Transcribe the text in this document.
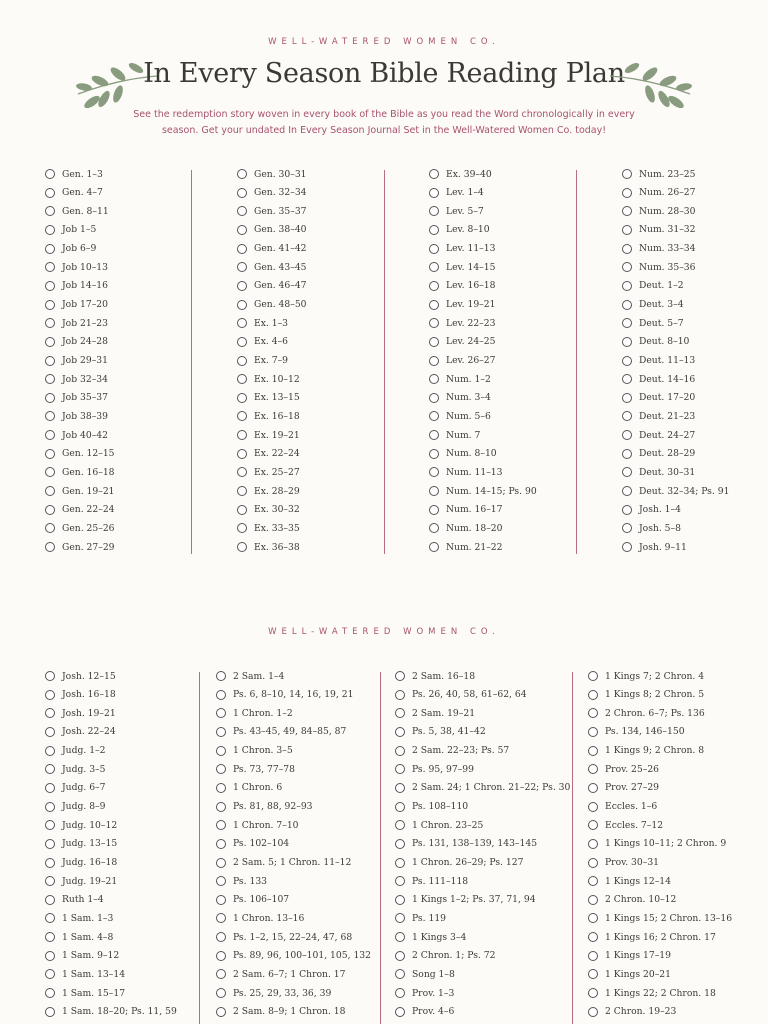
WELL-WATERED WOMEN CO.
In Every Season Bible Reading Plan
See the redemption story woven in every book of the Bible as you read the Word chronologically in every season. Get your undated In Every Season Journal Set in the Well-Watered Women Co. today!
Gen. 1–3
Gen. 4–7
Gen. 8–11
Job 1–5
Job 6–9
Job 10–13
Job 14–16
Job 17–20
Job 21–23
Job 24–28
Job 29–31
Job 32–34
Job 35–37
Job 38–39
Job 40–42
Gen. 12–15
Gen. 16–18
Gen. 19–21
Gen. 22–24
Gen. 25–26
Gen. 27–29
Gen. 30–31
Gen. 32–34
Gen. 35–37
Gen. 38–40
Gen. 41–42
Gen. 43–45
Gen. 46–47
Gen. 48–50
Ex. 1–3
Ex. 4–6
Ex. 7–9
Ex. 10–12
Ex. 13–15
Ex. 16–18
Ex. 19–21
Ex. 22–24
Ex. 25–27
Ex. 28–29
Ex. 30–32
Ex. 33–35
Ex. 36–38
Ex. 39–40
Lev. 1–4
Lev. 5–7
Lev. 8–10
Lev. 11–13
Lev. 14–15
Lev. 16–18
Lev. 19–21
Lev. 22–23
Lev. 24–25
Lev. 26–27
Num. 1–2
Num. 3–4
Num. 5–6
Num. 7
Num. 8–10
Num. 11–13
Num. 14–15; Ps. 90
Num. 16–17
Num. 18–20
Num. 21–22
Num. 23–25
Num. 26–27
Num. 28–30
Num. 31–32
Num. 33–34
Num. 35–36
Deut. 1–2
Deut. 3–4
Deut. 5–7
Deut. 8–10
Deut. 11–13
Deut. 14–16
Deut. 17–20
Deut. 21–23
Deut. 24–27
Deut. 28–29
Deut. 30–31
Deut. 32–34; Ps. 91
Josh. 1–4
Josh. 5–8
Josh. 9–11
WELL-WATERED WOMEN CO.
Josh. 12–15
Josh. 16–18
Josh. 19–21
Josh. 22–24
Judg. 1–2
Judg. 3–5
Judg. 6–7
Judg. 8–9
Judg. 10–12
Judg. 13–15
Judg. 16–18
Judg. 19–21
Ruth 1–4
1 Sam. 1–3
1 Sam. 4–8
1 Sam. 9–12
1 Sam. 13–14
1 Sam. 15–17
1 Sam. 18–20; Ps. 11, 59
2 Sam. 1–4
Ps. 6, 8–10, 14, 16, 19, 21
1 Chron. 1–2
Ps. 43–45, 49, 84–85, 87
1 Chron. 3–5
Ps. 73, 77–78
1 Chron. 6
Ps. 81, 88, 92–93
1 Chron. 7–10
Ps. 102–104
2 Sam. 5; 1 Chron. 11–12
Ps. 133
Ps. 106–107
1 Chron. 13–16
Ps. 1–2, 15, 22–24, 47, 68
Ps. 89, 96, 100–101, 105, 132
2 Sam. 6–7; 1 Chron. 17
Ps. 25, 29, 33, 36, 39
2 Sam. 8–9; 1 Chron. 18
2 Sam. 16–18
Ps. 26, 40, 58, 61–62, 64
2 Sam. 19–21
Ps. 5, 38, 41–42
2 Sam. 22–23; Ps. 57
Ps. 95, 97–99
2 Sam. 24; 1 Chron. 21–22; Ps. 30
Ps. 108–110
1 Chron. 23–25
Ps. 131, 138–139, 143–145
1 Chron. 26–29; Ps. 127
Ps. 111–118
1 Kings 1–2; Ps. 37, 71, 94
Ps. 119
1 Kings 3–4
2 Chron. 1; Ps. 72
Song 1–8
Prov. 1–3
Prov. 4–6
1 Kings 7; 2 Chron. 4
1 Kings 8; 2 Chron. 5
2 Chron. 6–7; Ps. 136
Ps. 134, 146–150
1 Kings 9; 2 Chron. 8
Prov. 25–26
Prov. 27–29
Eccles. 1–6
Eccles. 7–12
1 Kings 10–11; 2 Chron. 9
Prov. 30–31
1 Kings 12–14
2 Chron. 10–12
1 Kings 15; 2 Chron. 13–16
1 Kings 16; 2 Chron. 17
1 Kings 17–19
1 Kings 20–21
1 Kings 22; 2 Chron. 18
2 Chron. 19–23
